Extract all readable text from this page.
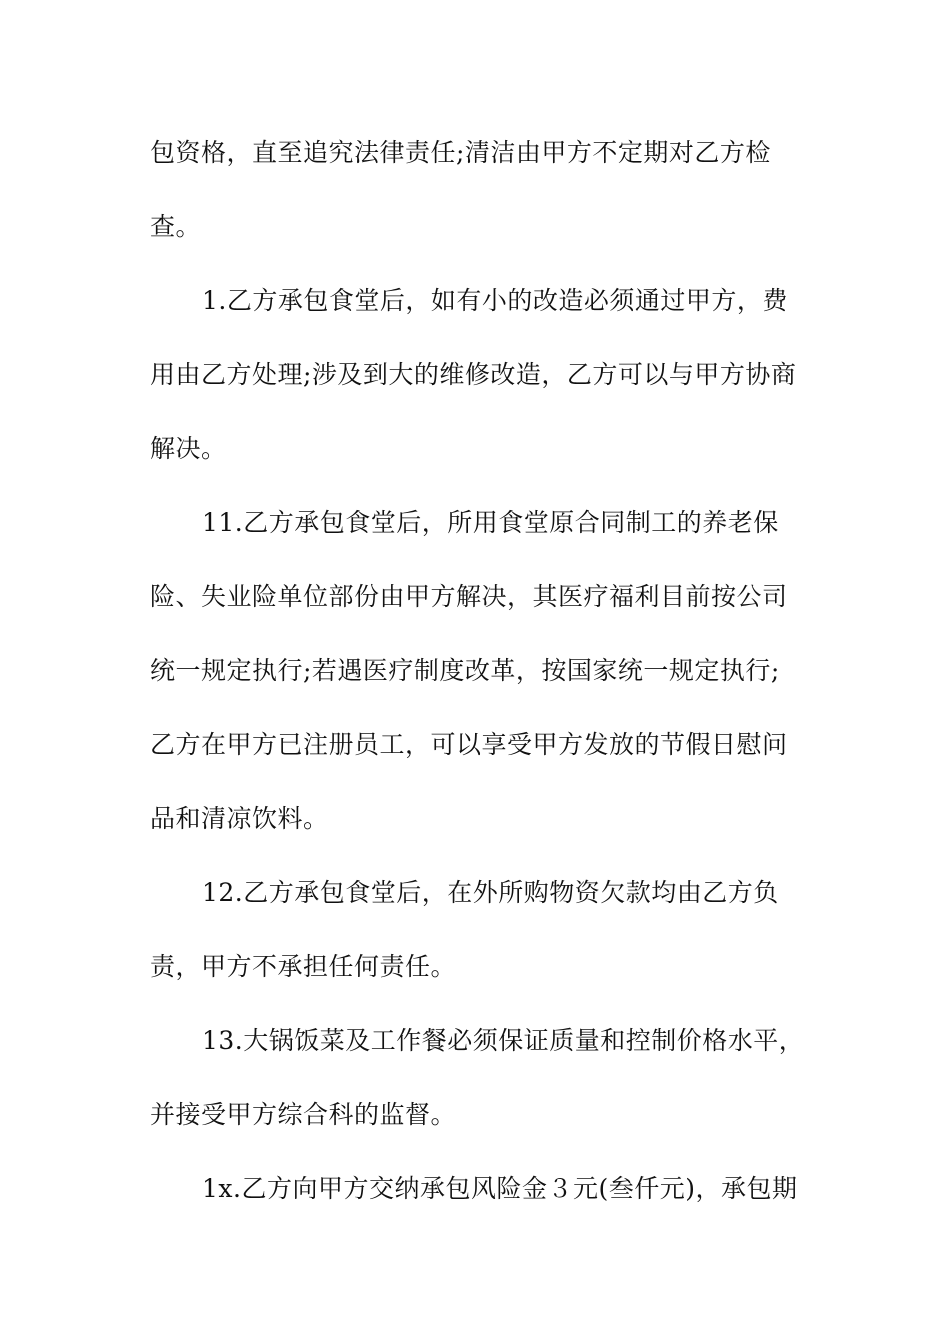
包资格，直至追究法律责任;清洁由甲方不定期对乙方检
查。
1.乙方承包食堂后，如有小的改造必须通过甲方，费
用由乙方处理;涉及到大的维修改造，乙方可以与甲方协商
解决。
11.乙方承包食堂后，所用食堂原合同制工的养老保
险、失业险单位部份由甲方解决，其医疗福利目前按公司
统一规定执行;若遇医疗制度改革，按国家统一规定执行;
乙方在甲方已注册员工，可以享受甲方发放的节假日慰问
品和清凉饮料。
12.乙方承包食堂后，在外所购物资欠款均由乙方负
责，甲方不承担任何责任。
13.大锅饭菜及工作餐必须保证质量和控制价格水平，
并接受甲方综合科的监督。
1x.乙方向甲方交纳承包风险金３元(叁仟元)，承包期
